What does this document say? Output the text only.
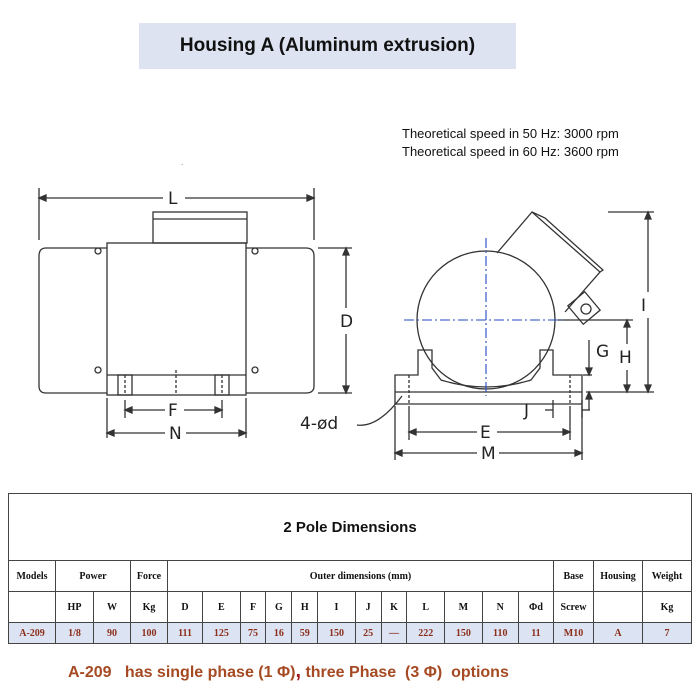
Housing A (Aluminum extrusion)
Theoretical speed in 50 Hz: 3000 rpm
Theoretical speed in 60 Hz: 3600 rpm
L
D
F
N	4-ød
I
G H
J
E
M
.
2 Pole Dimensions																		
Models	Power		Force	Outer dimensions (mm)												Base	Housing	Weight
	HP	W	Kg	D	E	F	G	H	I	J	K	L	M	N	Φd	Screw		Kg
A-209	1/8	90	100	111	125	75	16	59	150	25	—	222	150	110	11	M10	A	7
A-209   has single phase (1 Φ), three Phase  (3 Φ)  options
